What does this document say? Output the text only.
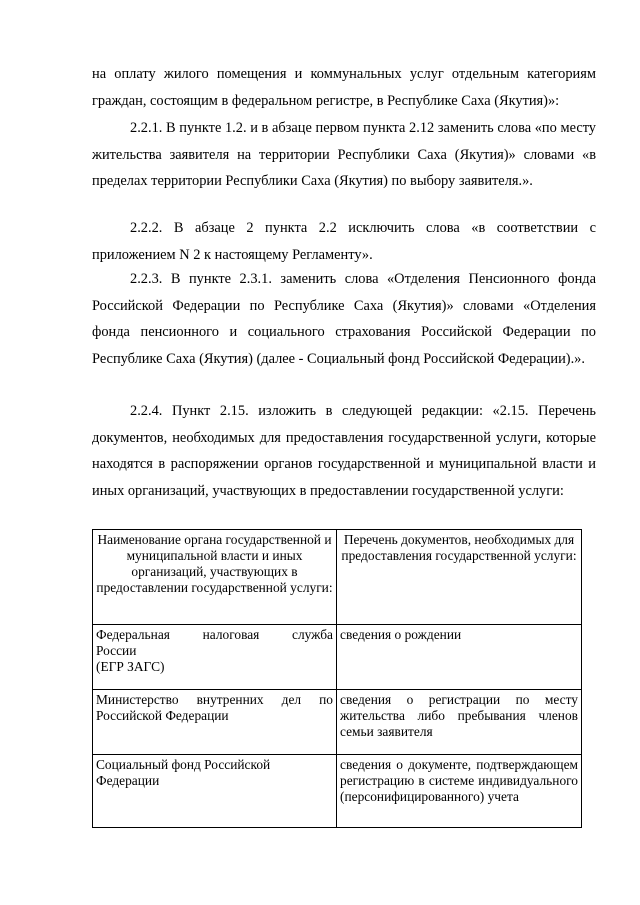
на оплату жилого помещения и коммунальных услуг отдельным категориям

граждан, состоящим в федеральном регистре, в Республике Саха (Якутия)»:

2.2.1. В пункте 1.2. и в абзаце первом пункта 2.12 заменить слова «по месту жительства заявителя на территории Республики Саха (Якутия)» словами «в пределах территории Республики Саха (Якутия) по выбору заявителя.».

2.2.2. В абзаце 2 пункта 2.2 исключить слова «в соответствии с приложением N 2 к настоящему Регламенту».

2.2.3. В пункте 2.3.1. заменить слова «Отделения Пенсионного фонда Российской Федерации по Республике Саха (Якутия)» словами «Отделения фонда пенсионного и социального страхования Российской Федерации по Республике Саха (Якутия) (далее - Социальный фонд Российской Федерации).».

2.2.4. Пункт 2.15. изложить в следующей редакции: «2.15. Перечень документов, необходимых для предоставления государственной услуги, которые находятся в распоряжении органов государственной и муниципальной власти и иных организаций, участвующих в предоставлении государственной услуги:

Наименование органа государственной и муниципальной власти и иных организаций, участвующих в предоставлении государственной услуги:	Перечень документов, необходимых для предоставления государственной услуги:

Федеральная налоговая служба
России
(ЕГР ЗАГС)	сведения о рождении
Министерство внутренних дел по Российской Федерации	сведения о регистрации по месту жительства либо пребывания членов семьи заявителя
Социальный фонд Российской Федерации	сведения о документе, подтверждающем регистрацию в системе индивидуального (персонифицированного) учета
